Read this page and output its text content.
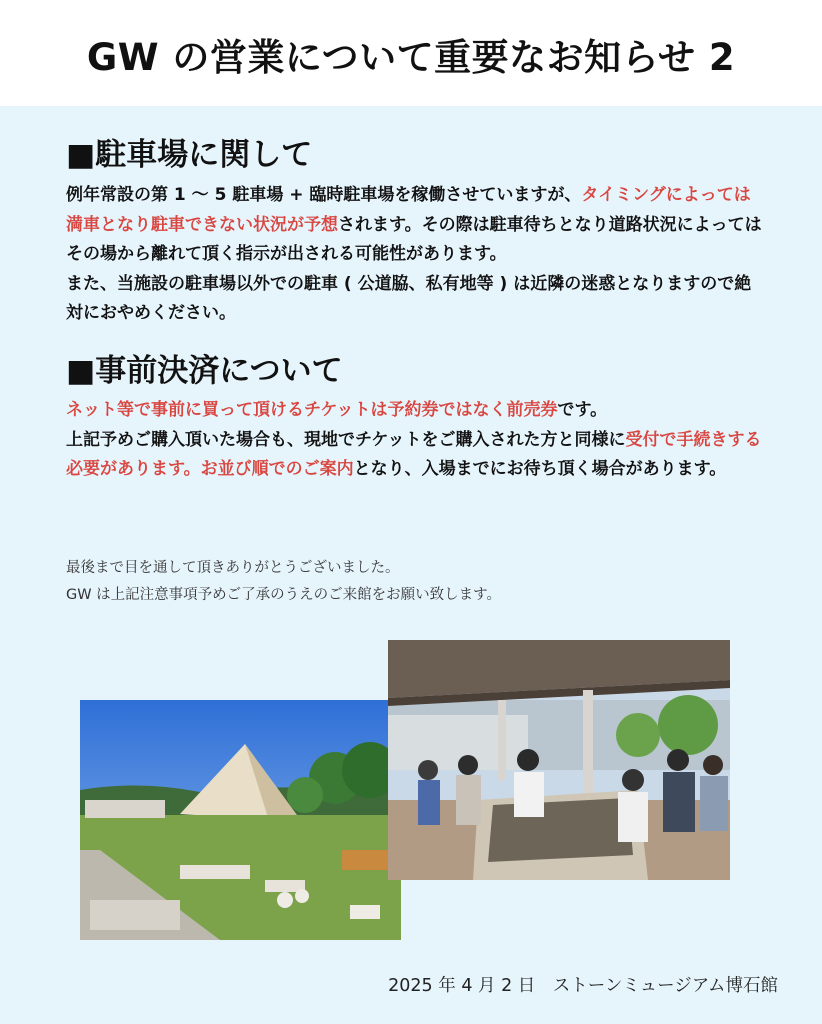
GW の営業について重要なお知らせ 2
■駐車場に関して
例年常設の第 1 ～ 5 駐車場 + 臨時駐車場を稼働させていますが、タイミングによっては満車となり駐車できない状況が予想されます。その際は駐車待ちとなり道路状況によってはその場から離れて頂く指示が出される可能性があります。
また、当施設の駐車場以外での駐車 ( 公道脇、私有地等 ) は近隣の迷惑となりますので絶対におやめください。
■事前決済について
ネット等で事前に買って頂けるチケットは予約券ではなく前売券です。
上記予めご購入頂いた場合も、現地でチケットをご購入された方と同様に受付で手続きする必要があります。お並び順でのご案内となり、入場までにお待ち頂く場合があります。
最後まで目を通して頂きありがとうございました。
GW は上記注意事項予めご了承のうえのご来館をお願い致します。
2025 年 4 月 2 日　ストーンミュージアム博石館
